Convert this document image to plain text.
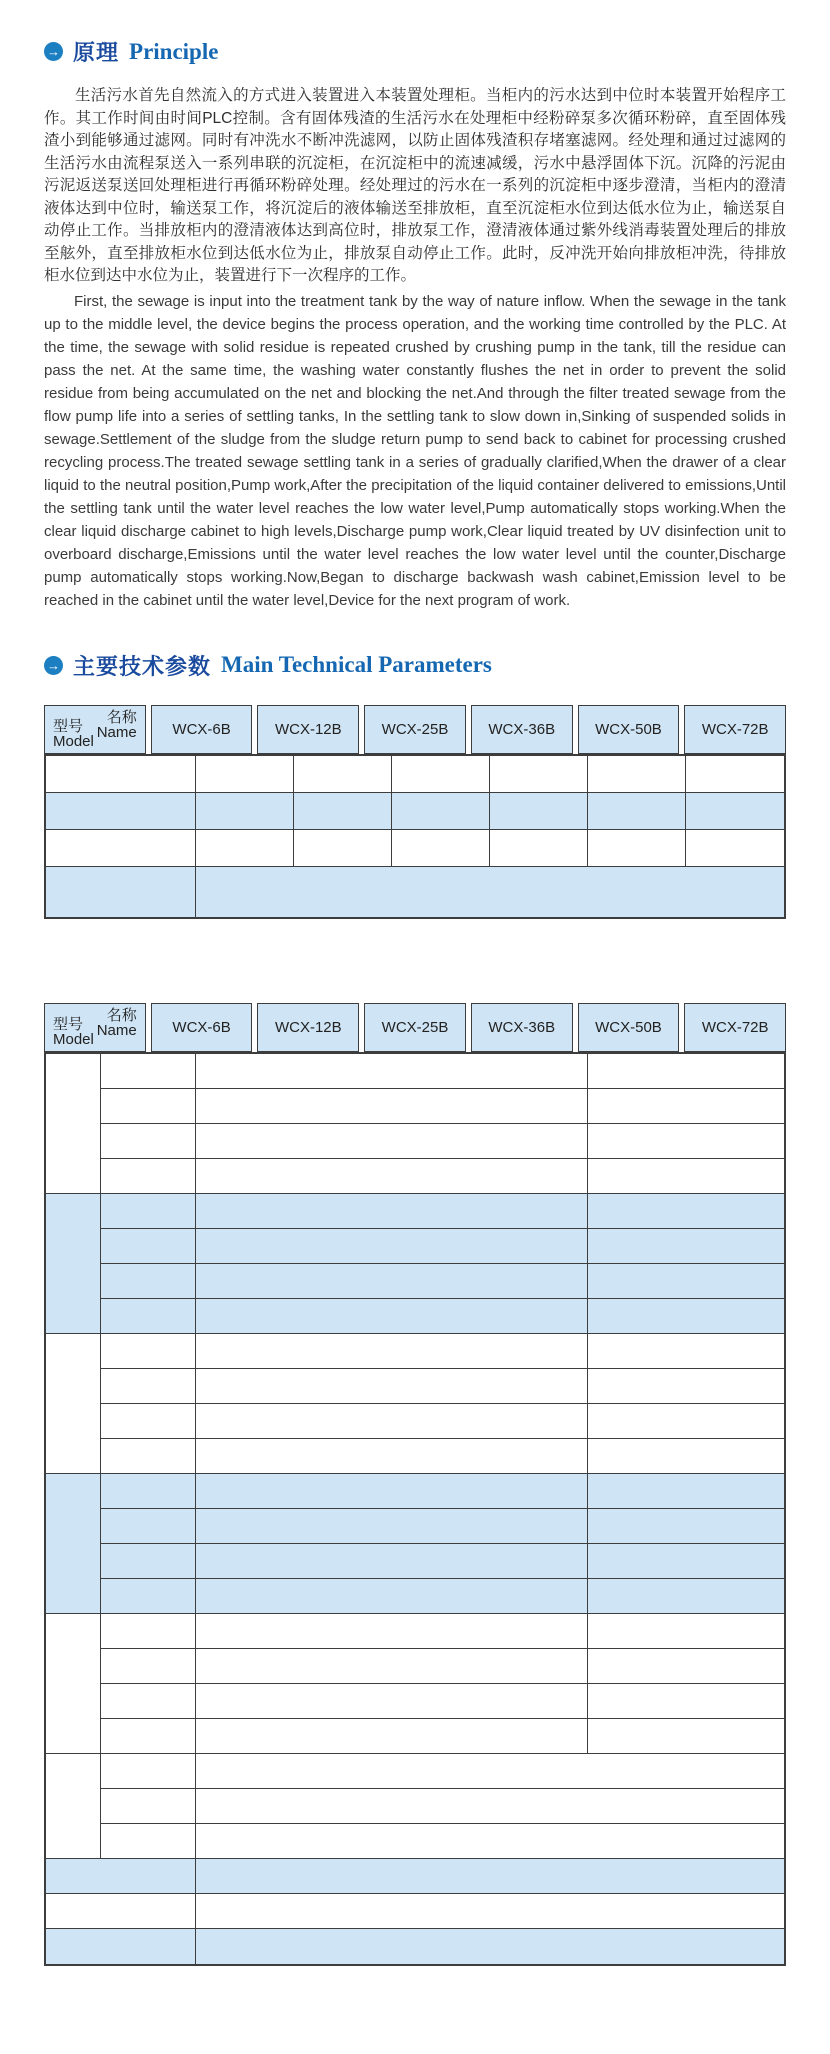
→ 原理 Principle

生活污水首先自然流入的方式进入装置进入本装置处理柜。当柜内的污水达到中位时本装置开始程序工作。其工作时间由时间PLC控制。含有固体残渣的生活污水在处理柜中经粉碎泵多次循环粉碎，直至固体残渣小到能够通过滤网。同时有冲洗水不断冲洗滤网，以防止固体残渣积存堵塞滤网。经处理和通过过滤网的生活污水由流程泵送入一系列串联的沉淀柜，在沉淀柜中的流速减缓，污水中悬浮固体下沉。沉降的污泥由污泥返送泵送回处理柜进行再循环粉碎处理。经处理过的污水在一系列的沉淀柜中逐步澄清，当柜内的澄清液体达到中位时，输送泵工作，将沉淀后的液体输送至排放柜，直至沉淀柜水位到达低水位为止，输送泵自动停止工作。当排放柜内的澄清液体达到高位时，排放泵工作，澄清液体通过紫外线消毒装置处理后的排放至舷外，直至排放柜水位到达低水位为止，排放泵自动停止工作。此时，反冲洗开始向排放柜冲洗，待排放柜水位到达中水位为止，装置进行下一次程序的工作。

First, the sewage is input into the treatment tank by the way of nature inflow. When the sewage in the tank up to the middle level, the device begins the process operation, and the working time controlled by the PLC. At the time, the sewage with solid residue is repeated crushed by crushing pump in the tank, till the residue can pass the net. At the same time, the washing water constantly flushes the net in order to prevent the solid residue from being accumulated on the net and blocking the net.And through the filter treated sewage from the flow pump life into a series of settling tanks, In the settling tank to slow down in,Sinking of suspended solids in sewage.Settlement of the sludge from the sludge return pump to send back to cabinet for processing crushed recycling process.The treated sewage settling tank in a series of gradually clarified,When the drawer of a clear liquid to the neutral position,Pump work,After the precipitation of the liquid container delivered to emissions,Until the settling tank until the water level reaches the low water level,Pump automatically stops working.When the clear liquid discharge cabinet to high levels,Discharge pump work,Clear liquid treated by UV disinfection unit to overboard discharge,Emissions until the water level reaches the low water level until the counter,Discharge pump automatically stops working.Now,Began to discharge backwash wash cabinet,Emission level to be reached in the cabinet until the water level,Device for the next program of work.

→ 主要技术参数 Main Technical Parameters
名称
Name
型号
Model
WCX-6B	WCX-12B	WCX-25B	WCX-36B	WCX-50B	WCX-72B
名称
Name
型号
Model
WCX-6B	WCX-12B	WCX-25B	WCX-36B	WCX-50B	WCX-72B
